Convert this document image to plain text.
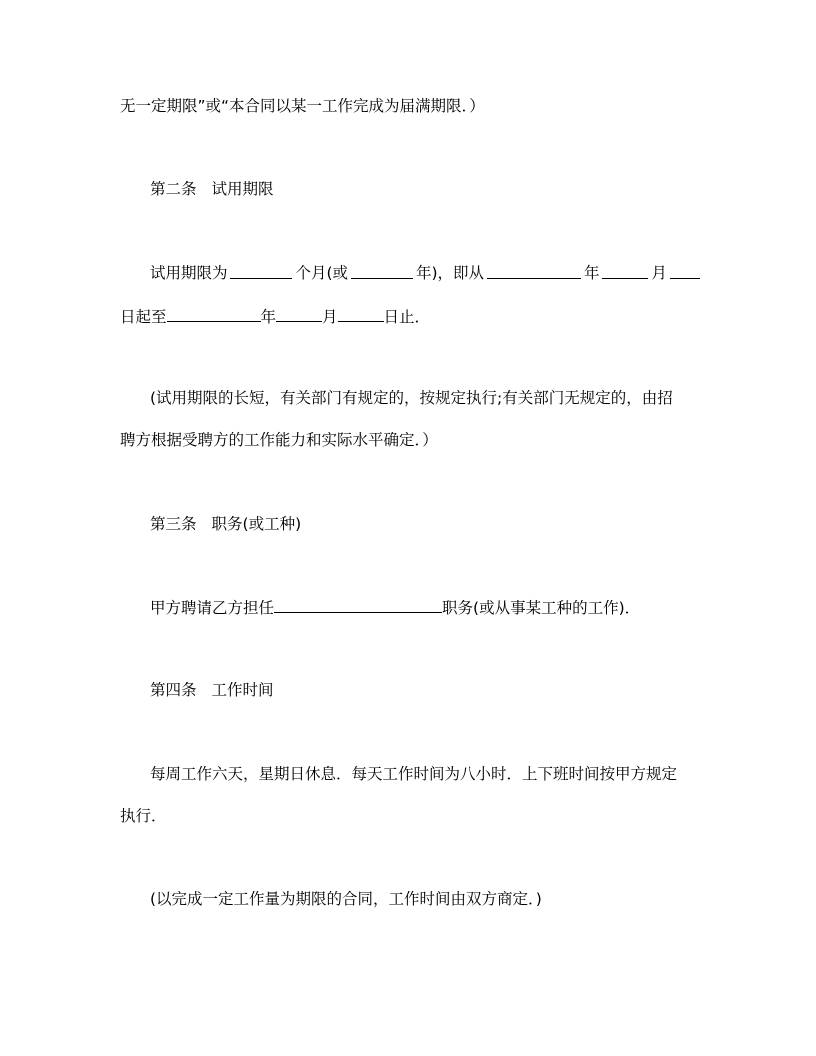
无一定期限”或“本合同以某一工作完成为届满期限．）
第二条 试用期限
试用期限为	个月(或	年)，即从	年	月
日起至	年	月	日止．
(试用期限的长短，有关部门有规定的，按规定执行;有关部门无规定的，由招
聘方根据受聘方的工作能力和实际水平确定．）
第三条 职务(或工种)
甲方聘请乙方担任	职务(或从事某工种的工作)．
第四条 工作时间
每周工作六天，星期日休息．每天工作时间为八小时．上下班时间按甲方规定
执行．
(以完成一定工作量为期限的合同，工作时间由双方商定．)
